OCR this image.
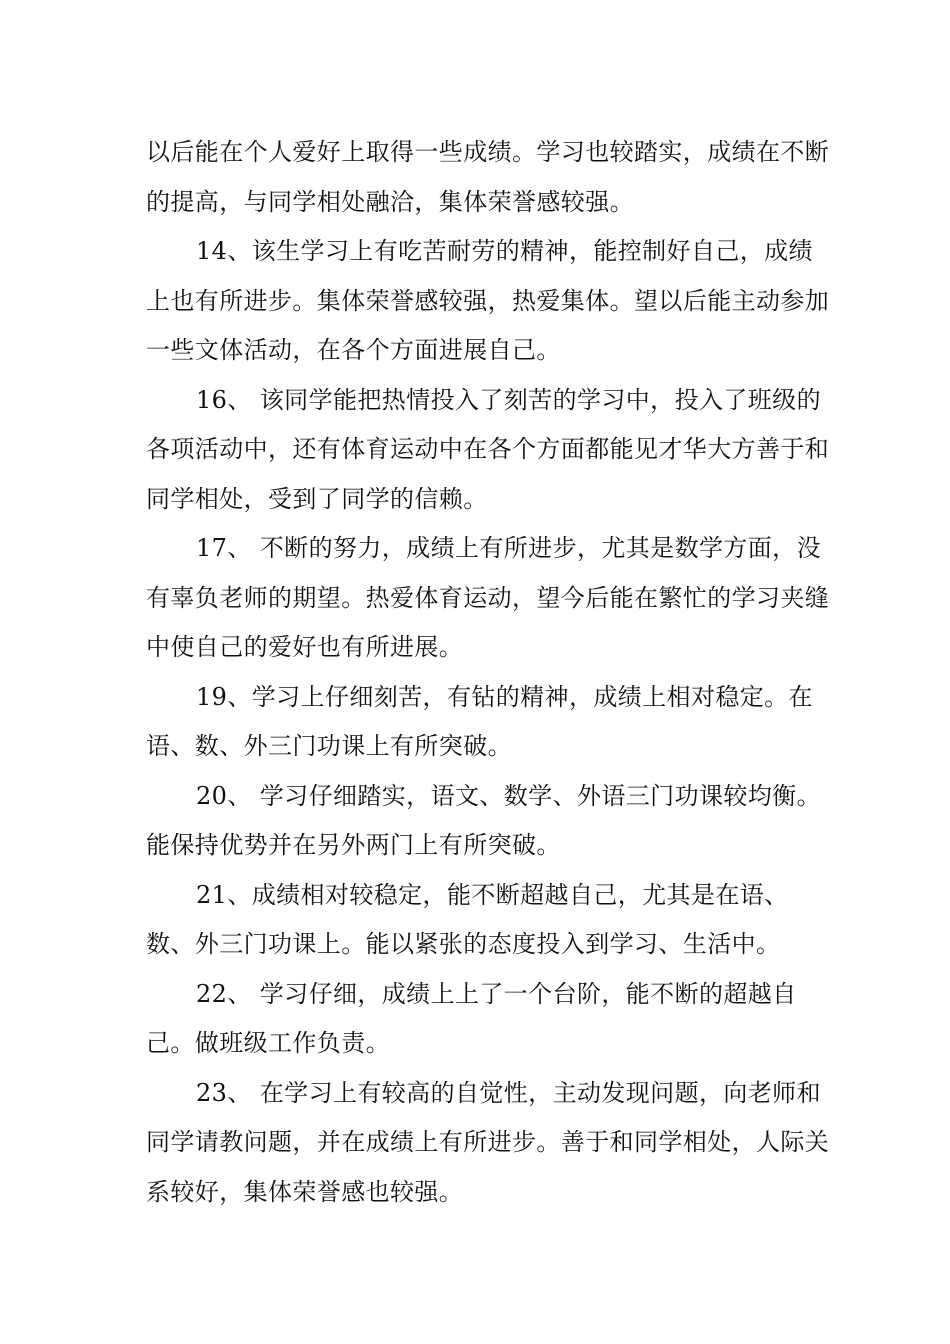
以后能在个人爱好上取得一些成绩。学习也较踏实，成绩在不断的提高，与同学相处融洽，集体荣誉感较强。

14、该生学习上有吃苦耐劳的精神，能控制好自己，成绩上也有所进步。集体荣誉感较强，热爱集体。望以后能主动参加一些文体活动，在各个方面进展自己。

16、 该同学能把热情投入了刻苦的学习中，投入了班级的各项活动中，还有体育运动中在各个方面都能见才华大方善于和同学相处，受到了同学的信赖。

17、 不断的努力，成绩上有所进步，尤其是数学方面，没有辜负老师的期望。热爱体育运动，望今后能在繁忙的学习夹缝中使自己的爱好也有所进展。

19、学习上仔细刻苦，有钻的精神，成绩上相对稳定。在语、数、外三门功课上有所突破。

20、 学习仔细踏实，语文、数学、外语三门功课较均衡。能保持优势并在另外两门上有所突破。

21、成绩相对较稳定，能不断超越自己，尤其是在语、数、外三门功课上。能以紧张的态度投入到学习、生活中。

22、 学习仔细，成绩上上了一个台阶，能不断的超越自己。做班级工作负责。

23、 在学习上有较高的自觉性，主动发现问题，向老师和同学请教问题，并在成绩上有所进步。善于和同学相处，人际关系较好，集体荣誉感也较强。
